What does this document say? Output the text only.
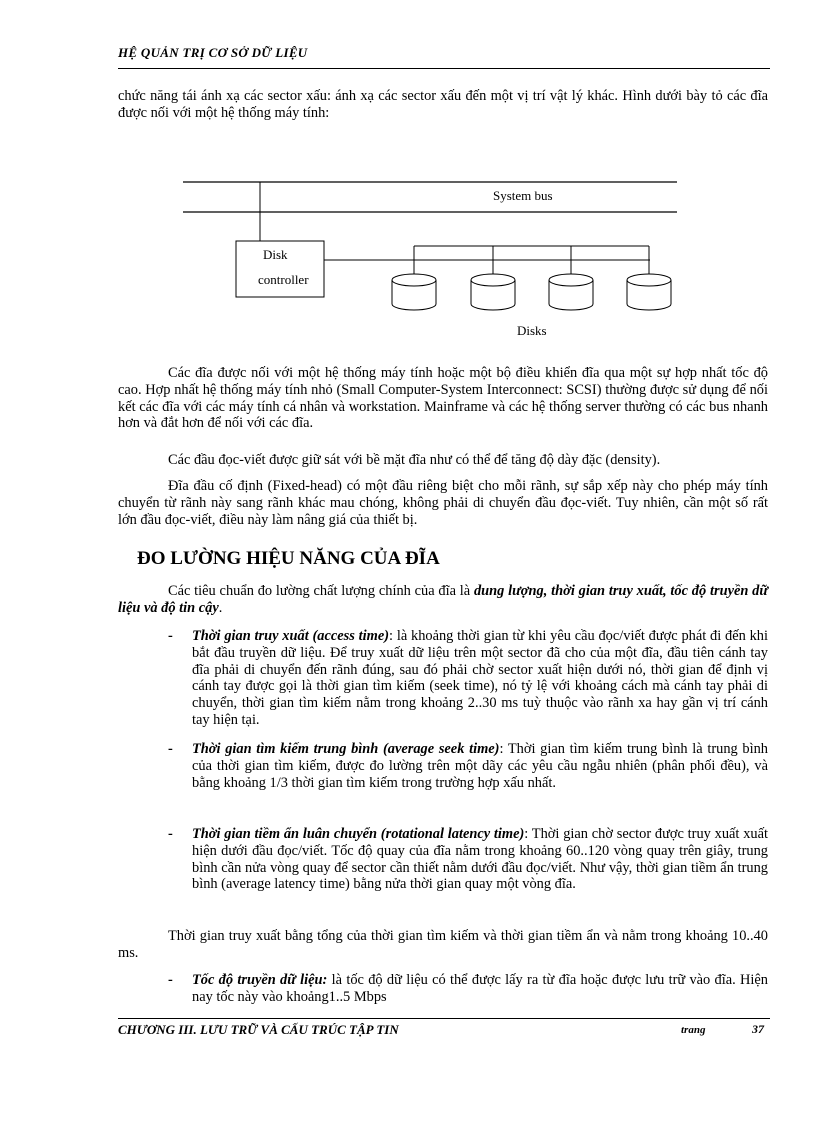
HỆ QUẢN TRỊ CƠ SỞ DỮ LIỆU

chức năng tái ánh xạ các sector xấu: ánh xạ các sector xấu đến một vị trí vật lý khác. Hình dưới bày tỏ các đĩa được nối với một hệ thống máy tính:

System bus
Disk
controller
Disks

Các đĩa được nối với một hệ thống máy tính hoặc một bộ điều khiển đĩa qua một sự hợp nhất tốc độ cao. Hợp nhất hệ thống máy tính nhỏ (Small Computer-System Interconnect: SCSI) thường được sử dụng để nối kết các đĩa với các máy tính cá nhân và workstation. Mainframe và các hệ thống server thường có các bus nhanh hơn và đắt hơn để nối với các đĩa.

Các đầu đọc-viết được giữ sát với bề mặt đĩa như có thể để tăng độ dày đặc (density).

Đĩa đầu cố định (Fixed-head) có một đầu riêng biệt cho mỗi rãnh, sự sắp xếp này cho phép máy tính chuyển từ rãnh này sang rãnh khác mau chóng, không phải di chuyển đầu đọc-viết. Tuy nhiên, cần một số rất lớn đầu đọc-viết, điều này làm nâng giá của thiết bị.

ĐO LƯỜNG HIỆU NĂNG CỦA ĐĨA

Các tiêu chuẩn đo lường chất lượng chính của đĩa là dung lượng, thời gian truy xuất, tốc độ truyền dữ liệu và độ tin cậy.

- Thời gian truy xuất (access time): là khoảng thời gian từ khi yêu cầu đọc/viết được phát đi đến khi bắt đầu truyền dữ liệu. Để truy xuất dữ liệu trên một sector đã cho của một đĩa, đầu tiên cánh tay đĩa phải di chuyển đến rãnh đúng, sau đó phải chờ sector xuất hiện dưới nó, thời gian để định vị cánh tay được gọi là thời gian tìm kiếm (seek time), nó tỷ lệ với khoảng cách mà cánh tay phải di chuyển, thời gian tìm kiếm nằm trong khoảng 2..30 ms tuỳ thuộc vào rãnh xa hay gần vị trí cánh tay hiện tại.
- Thời gian tìm kiếm trung bình (average seek time): Thời gian tìm kiếm trung bình là trung bình của thời gian tìm kiếm, được đo lường trên một dãy các yêu cầu ngẫu nhiên (phân phối đều), và bằng khoảng 1/3 thời gian tìm kiếm trong trường hợp xấu nhất.
- Thời gian tiềm ẩn luân chuyển (rotational latency time): Thời gian chờ sector được truy xuất xuất hiện dưới đầu đọc/viết. Tốc độ quay của đĩa nằm trong khoảng 60..120 vòng quay trên giây, trung bình cần nửa vòng quay để sector cần thiết nằm dưới đầu đọc/viết. Như vậy, thời gian tiềm ẩn trung bình (average latency time) bằng nửa thời gian quay một vòng đĩa.

Thời gian truy xuất bằng tổng của thời gian tìm kiếm và thời gian tiềm ẩn và nằm trong khoảng 10..40 ms.

- Tốc độ truyền dữ liệu: là tốc độ dữ liệu có thể được lấy ra từ đĩa hoặc được lưu trữ vào đĩa. Hiện nay tốc này vào khoảng1..5 Mbps
CHƯƠNG III. LƯU TRỮ VÀ CẤU TRÚC TẬP TIN	trang	37
